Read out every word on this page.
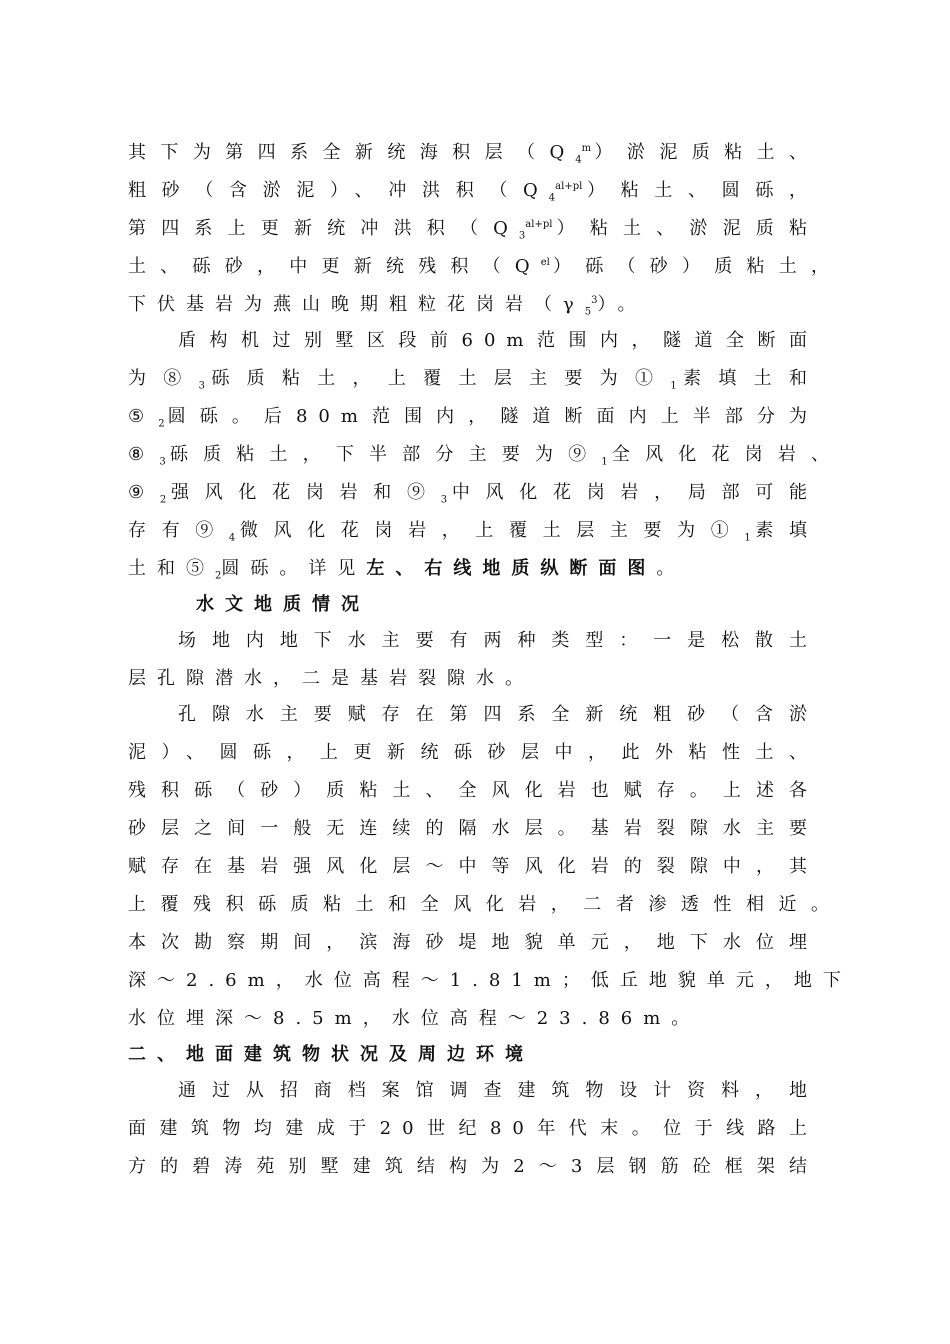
其下为第四系全新统海积层$(Q_4^m)$淤泥质粘土、
粗砂（含淤泥）、冲洪积$(Q_4^{al+pl})$粘土、圆砾，
第四系上更新统冲洪积$(Q_3^{al+pl})$粘土、淤泥质粘
土、砾砂，中更新统残积$(Q^{el})$砾（砂）质粘土，
下伏基岩为燕山晚期粗粒花岗岩$(\gamma_5^3)$。
盾构机过别墅区段前60m范围内，隧道全断面
为$⑧_3$砾质粘土，上覆土层主要为$①_1$素填土和
$⑤_2$圆砾。后80m范围内，隧道断面内上半部分为
$⑧_3$砾质粘土，下半部分主要为$⑨_1$全风化花岗岩、
$⑨_2$强风化花岗岩和$⑨_3$中风化花岗岩，局部可能
存有$⑨_4$微风化花岗岩，上覆土层主要为$①_1$素填
土和$⑤_2$圆砾。详见左、右线地质纵断面图。
水文地质情况
场地内地下水主要有两种类型：一是松散土
层孔隙潜水，二是基岩裂隙水。
孔隙水主要赋存在第四系全新统粗砂（含淤
泥）、圆砾，上更新统砾砂层中，此外粘性土、
残积砾（砂）质粘土、全风化岩也赋存。上述各
砂层之间一般无连续的隔水层。基岩裂隙水主要
赋存在基岩强风化层～中等风化岩的裂隙中，其
上覆残积砾质粘土和全风化岩，二者渗透性相近。
本次勘察期间，滨海砂堤地貌单元，地下水位埋
深～2.6m，水位高程～1.81m；低丘地貌单元，地下
水位埋深～8.5m，水位高程～23.86m。
二、地面建筑物状况及周边环境
通过从招商档案馆调查建筑物设计资料，地
面建筑物均建成于20世纪80年代末。位于线路上
方的碧涛苑别墅建筑结构为2～3层钢筋砼框架结
